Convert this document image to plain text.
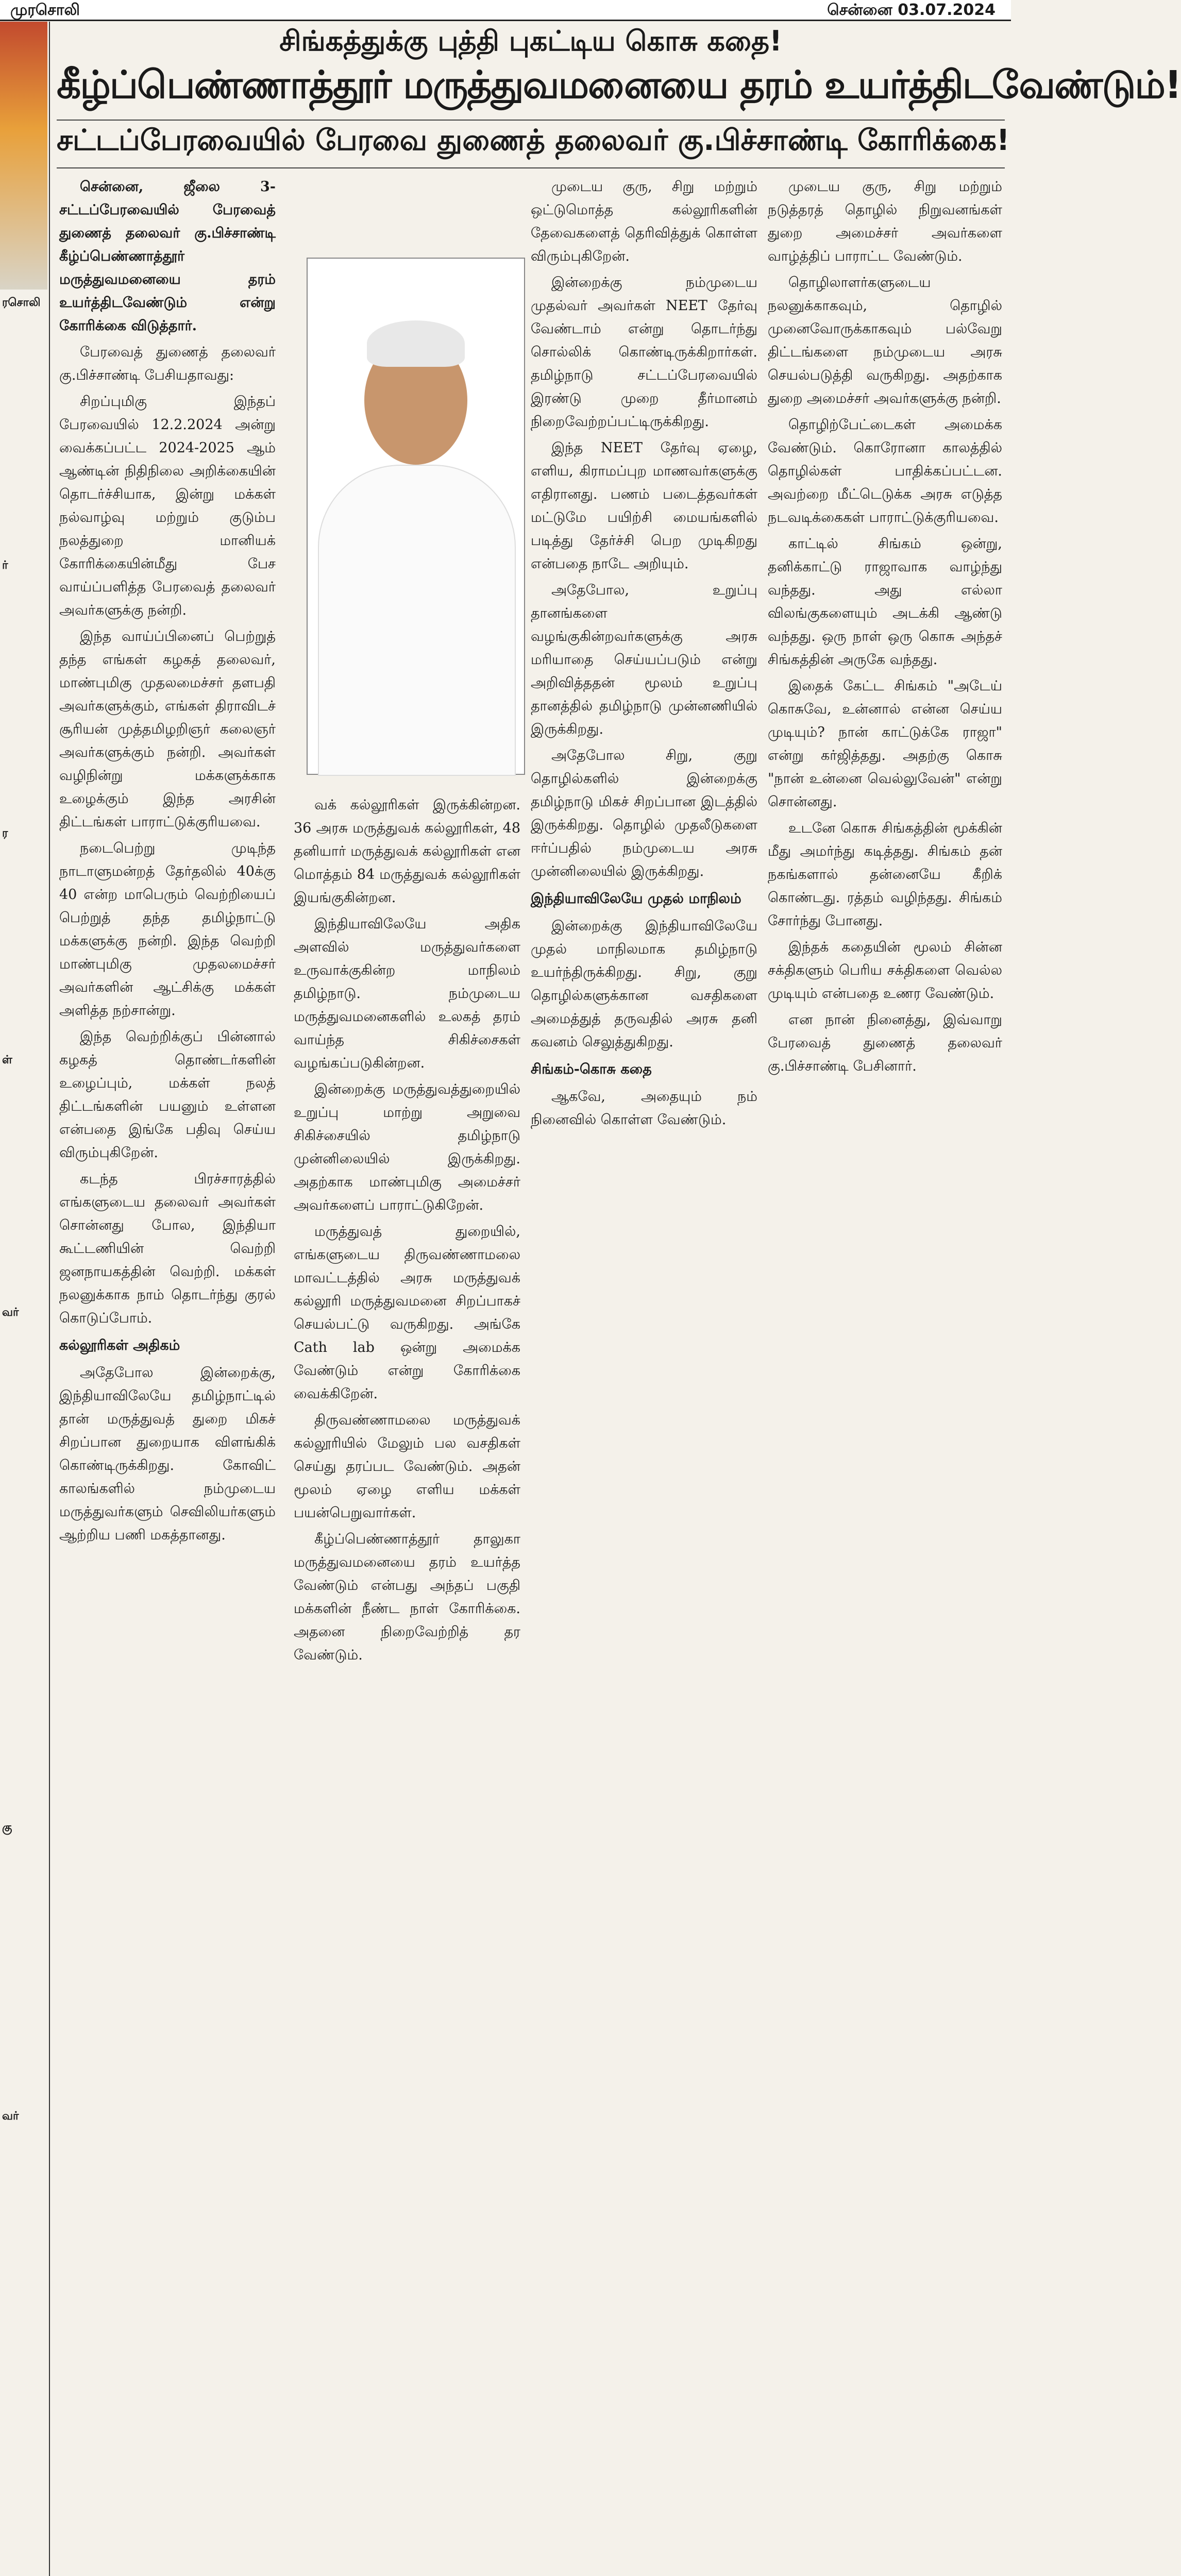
முரசொலி	சென்னை 03.07.2024
ரசொலி
ர்
ர
ள்
வர்
கு
வர்
சிங்கத்துக்கு புத்தி புகட்டிய கொசு கதை!
கீழ்ப்பெண்ணாத்தூர் மருத்துவமனையை தரம் உயர்த்திடவேண்டும்!
சட்டப்பேரவையில் பேரவை துணைத் தலைவர் கு.பிச்சாண்டி கோரிக்கை!

சென்னை, ஜீலை 3- சட்டப்பேரவையில் பேரவைத் துணைத் தலைவர் கு.பிச்சாண்டி கீழ்ப்பெண்ணாத்தூர் மருத்துவமனையை தரம் உயர்த்திடவேண்டும் என்று கோரிக்கை விடுத்தார்.

பேரவைத் துணைத் தலைவர் கு.பிச்சாண்டி பேசியதாவது:

சிறப்புமிகு இந்தப் பேரவையில் 12.2.2024 அன்று வைக்கப்பட்ட 2024-2025 ஆம் ஆண்டின் நிதிநிலை அறிக்கையின் தொடர்ச்சியாக, இன்று மக்கள் நல்வாழ்வு மற்றும் குடும்ப நலத்துறை மானியக் கோரிக்கையின்மீது பேச வாய்ப்பளித்த பேரவைத் தலைவர் அவர்களுக்கு நன்றி.

இந்த வாய்ப்பினைப் பெற்றுத் தந்த எங்கள் கழகத் தலைவர், மாண்புமிகு முதலமைச்சர் தளபதி அவர்களுக்கும், எங்கள் திராவிடச் சூரியன் முத்தமிழறிஞர் கலைஞர் அவர்களுக்கும் நன்றி. அவர்கள் வழிநின்று மக்களுக்காக உழைக்கும் இந்த அரசின் திட்டங்கள் பாராட்டுக்குரியவை.

நடைபெற்று முடிந்த நாடாளுமன்றத் தேர்தலில் 40க்கு 40 என்ற மாபெரும் வெற்றியைப் பெற்றுத் தந்த தமிழ்நாட்டு மக்களுக்கு நன்றி. இந்த வெற்றி மாண்புமிகு முதலமைச்சர் அவர்களின் ஆட்சிக்கு மக்கள் அளித்த நற்சான்று.

இந்த வெற்றிக்குப் பின்னால் கழகத் தொண்டர்களின் உழைப்பும், மக்கள் நலத் திட்டங்களின் பயனும் உள்ளன என்பதை இங்கே பதிவு செய்ய விரும்புகிறேன்.

கடந்த பிரச்சாரத்தில் எங்களுடைய தலைவர் அவர்கள் சொன்னது போல, இந்தியா கூட்டணியின் வெற்றி ஜனநாயகத்தின் வெற்றி. மக்கள் நலனுக்காக நாம் தொடர்ந்து குரல் கொடுப்போம்.

கல்லூரிகள் அதிகம்

அதேபோல இன்றைக்கு, இந்தியாவிலேயே தமிழ்நாட்டில் தான் மருத்துவத் துறை மிகச் சிறப்பான துறையாக விளங்கிக் கொண்டிருக்கிறது. கோவிட் காலங்களில் நம்முடைய மருத்துவர்களும் செவிலியர்களும் ஆற்றிய பணி மகத்தானது.

வக் கல்லூரிகள் இருக்கின்றன. 36 அரசு மருத்துவக் கல்லூரிகள், 48 தனியார் மருத்துவக் கல்லூரிகள் என மொத்தம் 84 மருத்துவக் கல்லூரிகள் இயங்குகின்றன.

இந்தியாவிலேயே அதிக அளவில் மருத்துவர்களை உருவாக்குகின்ற மாநிலம் தமிழ்நாடு. நம்முடைய மருத்துவமனைகளில் உலகத் தரம் வாய்ந்த சிகிச்சைகள் வழங்கப்படுகின்றன.

இன்றைக்கு மருத்துவத்துறையில் உறுப்பு மாற்று அறுவை சிகிச்சையில் தமிழ்நாடு முன்னிலையில் இருக்கிறது. அதற்காக மாண்புமிகு அமைச்சர் அவர்களைப் பாராட்டுகிறேன்.

மருத்துவத் துறையில், எங்களுடைய திருவண்ணாமலை மாவட்டத்தில் அரசு மருத்துவக் கல்லூரி மருத்துவமனை சிறப்பாகச் செயல்பட்டு வருகிறது. அங்கே Cath lab ஒன்று அமைக்க வேண்டும் என்று கோரிக்கை வைக்கிறேன்.

திருவண்ணாமலை மருத்துவக் கல்லூரியில் மேலும் பல வசதிகள் செய்து தரப்பட வேண்டும். அதன் மூலம் ஏழை எளிய மக்கள் பயன்பெறுவார்கள்.

கீழ்ப்பெண்ணாத்தூர் தாலுகா மருத்துவமனையை தரம் உயர்த்த வேண்டும் என்பது அந்தப் பகுதி மக்களின் நீண்ட நாள் கோரிக்கை. அதனை நிறைவேற்றித் தர வேண்டும்.

முடைய குரு, சிறு மற்றும் ஒட்டுமொத்த கல்லூரிகளின் தேவைகளைத் தெரிவித்துக் கொள்ள விரும்புகிறேன்.

இன்றைக்கு நம்முடைய முதல்வர் அவர்கள் NEET தேர்வு வேண்டாம் என்று தொடர்ந்து சொல்லிக் கொண்டிருக்கிறார்கள். தமிழ்நாடு சட்டப்பேரவையில் இரண்டு முறை தீர்மானம் நிறைவேற்றப்பட்டிருக்கிறது.

இந்த NEET தேர்வு ஏழை, எளிய, கிராமப்புற மாணவர்களுக்கு எதிரானது. பணம் படைத்தவர்கள் மட்டுமே பயிற்சி மையங்களில் படித்து தேர்ச்சி பெற முடிகிறது என்பதை நாடே அறியும்.

அதேபோல, உறுப்பு தானங்களை வழங்குகின்றவர்களுக்கு அரசு மரியாதை செய்யப்படும் என்று அறிவித்ததன் மூலம் உறுப்பு தானத்தில் தமிழ்நாடு முன்னணியில் இருக்கிறது.

அதேபோல சிறு, குறு தொழில்களில் இன்றைக்கு தமிழ்நாடு மிகச் சிறப்பான இடத்தில் இருக்கிறது. தொழில் முதலீடுகளை ஈர்ப்பதில் நம்முடைய அரசு முன்னிலையில் இருக்கிறது.

இந்தியாவிலேயே முதல் மாநிலம்

இன்றைக்கு இந்தியாவிலேயே முதல் மாநிலமாக தமிழ்நாடு உயர்ந்திருக்கிறது. சிறு, குறு தொழில்களுக்கான வசதிகளை அமைத்துத் தருவதில் அரசு தனி கவனம் செலுத்துகிறது.

சிங்கம்-கொசு கதை

ஆகவே, அதையும் நம் நினைவில் கொள்ள வேண்டும்.

முடைய குரு, சிறு மற்றும் நடுத்தரத் தொழில் நிறுவனங்கள் துறை அமைச்சர் அவர்களை வாழ்த்திப் பாராட்ட வேண்டும்.

தொழிலாளர்களுடைய நலனுக்காகவும், தொழில் முனைவோருக்காகவும் பல்வேறு திட்டங்களை நம்முடைய அரசு செயல்படுத்தி வருகிறது. அதற்காக துறை அமைச்சர் அவர்களுக்கு நன்றி.

தொழிற்பேட்டைகள் அமைக்க வேண்டும். கொரோனா காலத்தில் தொழில்கள் பாதிக்கப்பட்டன. அவற்றை மீட்டெடுக்க அரசு எடுத்த நடவடிக்கைகள் பாராட்டுக்குரியவை.

காட்டில் சிங்கம் ஒன்று, தனிக்காட்டு ராஜாவாக வாழ்ந்து வந்தது. அது எல்லா விலங்குகளையும் அடக்கி ஆண்டு வந்தது. ஒரு நாள் ஒரு கொசு அந்தச் சிங்கத்தின் அருகே வந்தது.

இதைக் கேட்ட சிங்கம் "அடேய் கொசுவே, உன்னால் என்ன செய்ய முடியும்? நான் காட்டுக்கே ராஜா" என்று கர்ஜித்தது. அதற்கு கொசு "நான் உன்னை வெல்லுவேன்" என்று சொன்னது.

உடனே கொசு சிங்கத்தின் மூக்கின் மீது அமர்ந்து கடித்தது. சிங்கம் தன் நகங்களால் தன்னையே கீறிக் கொண்டது. ரத்தம் வழிந்தது. சிங்கம் சோர்ந்து போனது.

இந்தக் கதையின் மூலம் சின்ன சக்திகளும் பெரிய சக்திகளை வெல்ல முடியும் என்பதை உணர வேண்டும்.

என நான் நினைத்து, இவ்வாறு பேரவைத் துணைத் தலைவர் கு.பிச்சாண்டி பேசினார்.
